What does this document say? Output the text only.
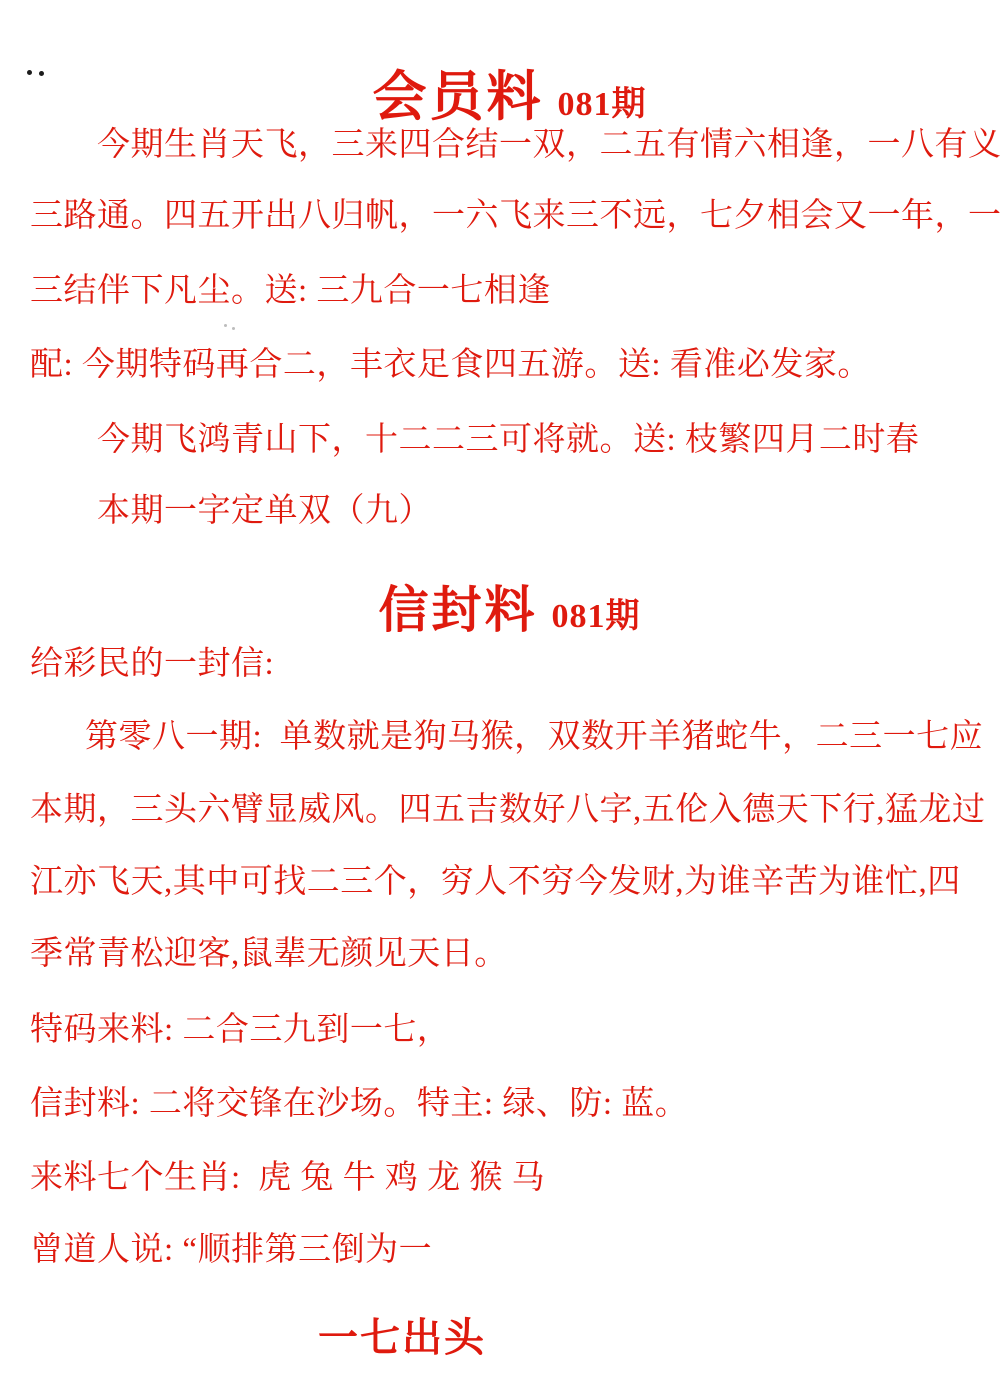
会员料 081期

今期生肖天飞，三来四合结一双，二五有情六相逢，一八有义
三路通。四五开出八归帆，一六飞来三不远，七夕相会又一年，一
三结伴下凡尘。送: 三九合一七相逢
配: 今期特码再合二，丰衣足食四五游。送: 看准必发家。
今期飞鸿青山下，十二二三可将就。送: 枝繁四月二时春
本期一字定单双（九）

信封料 081期

给彩民的一封信:
第零八一期:  单数就是狗马猴，双数开羊猪蛇牛，二三一七应
本期，三头六臂显威风。四五吉数好八字,五伦入德天下行,猛龙过
江亦飞天,其中可找二三个，穷人不穷今发财,为谁辛苦为谁忙,四
季常青松迎客,鼠辈无颜见天日。
特码来料: 二合三九到一七，
信封料: 二将交锋在沙场。特主: 绿、防: 蓝。
来料七个生肖:  虎 兔 牛 鸡 龙 猴 马
曾道人说: “顺排第三倒为一
一七出头
